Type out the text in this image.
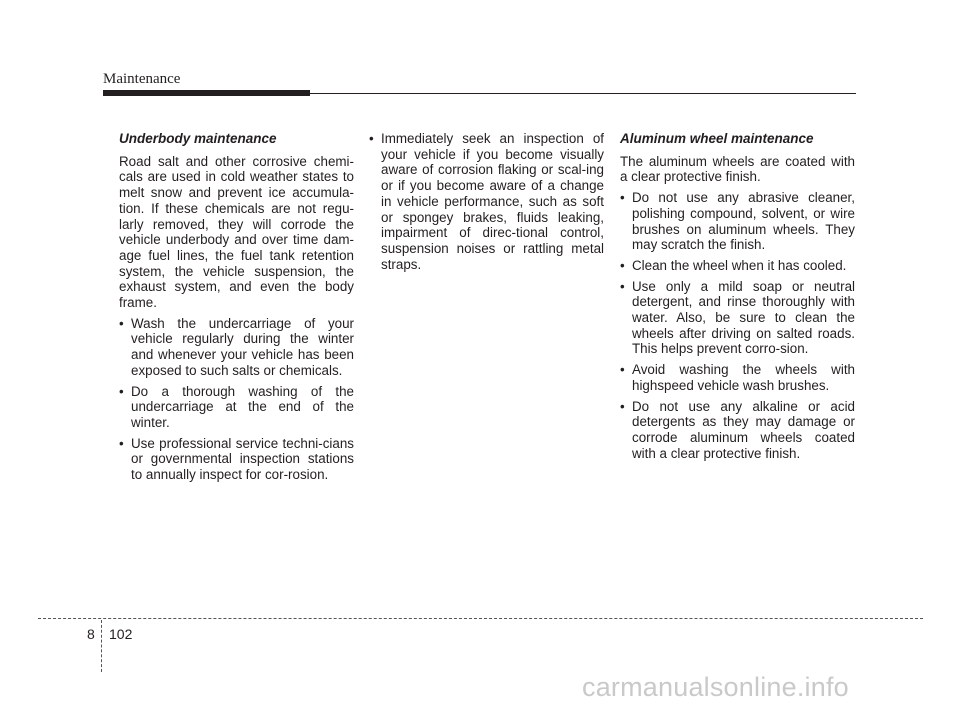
Maintenance
Underbody maintenance

Road salt and other corrosive chemi-cals are used in cold weather states to melt snow and prevent ice accumula-tion. If these chemicals are not regu-larly removed, they will corrode the vehicle underbody and over time dam-age fuel lines, the fuel tank retention system, the vehicle suspension, the exhaust system, and even the body frame.

• Wash the undercarriage of your vehicle regularly during the winter and whenever your vehicle has been exposed to such salts or chemicals.
• Do a thorough washing of the undercarriage at the end of the winter.
• Use professional service techni-cians or governmental inspection stations to annually inspect for cor-rosion.
• Immediately seek an inspection of your vehicle if you become visually aware of corrosion flaking or scal-ing or if you become aware of a change in vehicle performance, such as soft or spongey brakes, fluids leaking, impairment of direc-tional control, suspension noises or rattling metal straps.
Aluminum wheel maintenance

The aluminum wheels are coated with a clear protective finish.

• Do not use any abrasive cleaner, polishing compound, solvent, or wire brushes on aluminum wheels. They may scratch the finish.
• Clean the wheel when it has cooled.
• Use only a mild soap or neutral detergent, and rinse thoroughly with water. Also, be sure to clean the wheels after driving on salted roads. This helps prevent corro-sion.
• Avoid washing the wheels with highspeed vehicle wash brushes.
• Do not use any alkaline or acid detergents as they may damage or corrode aluminum wheels coated with a clear protective finish.
8 102
carmanualsonline.info
